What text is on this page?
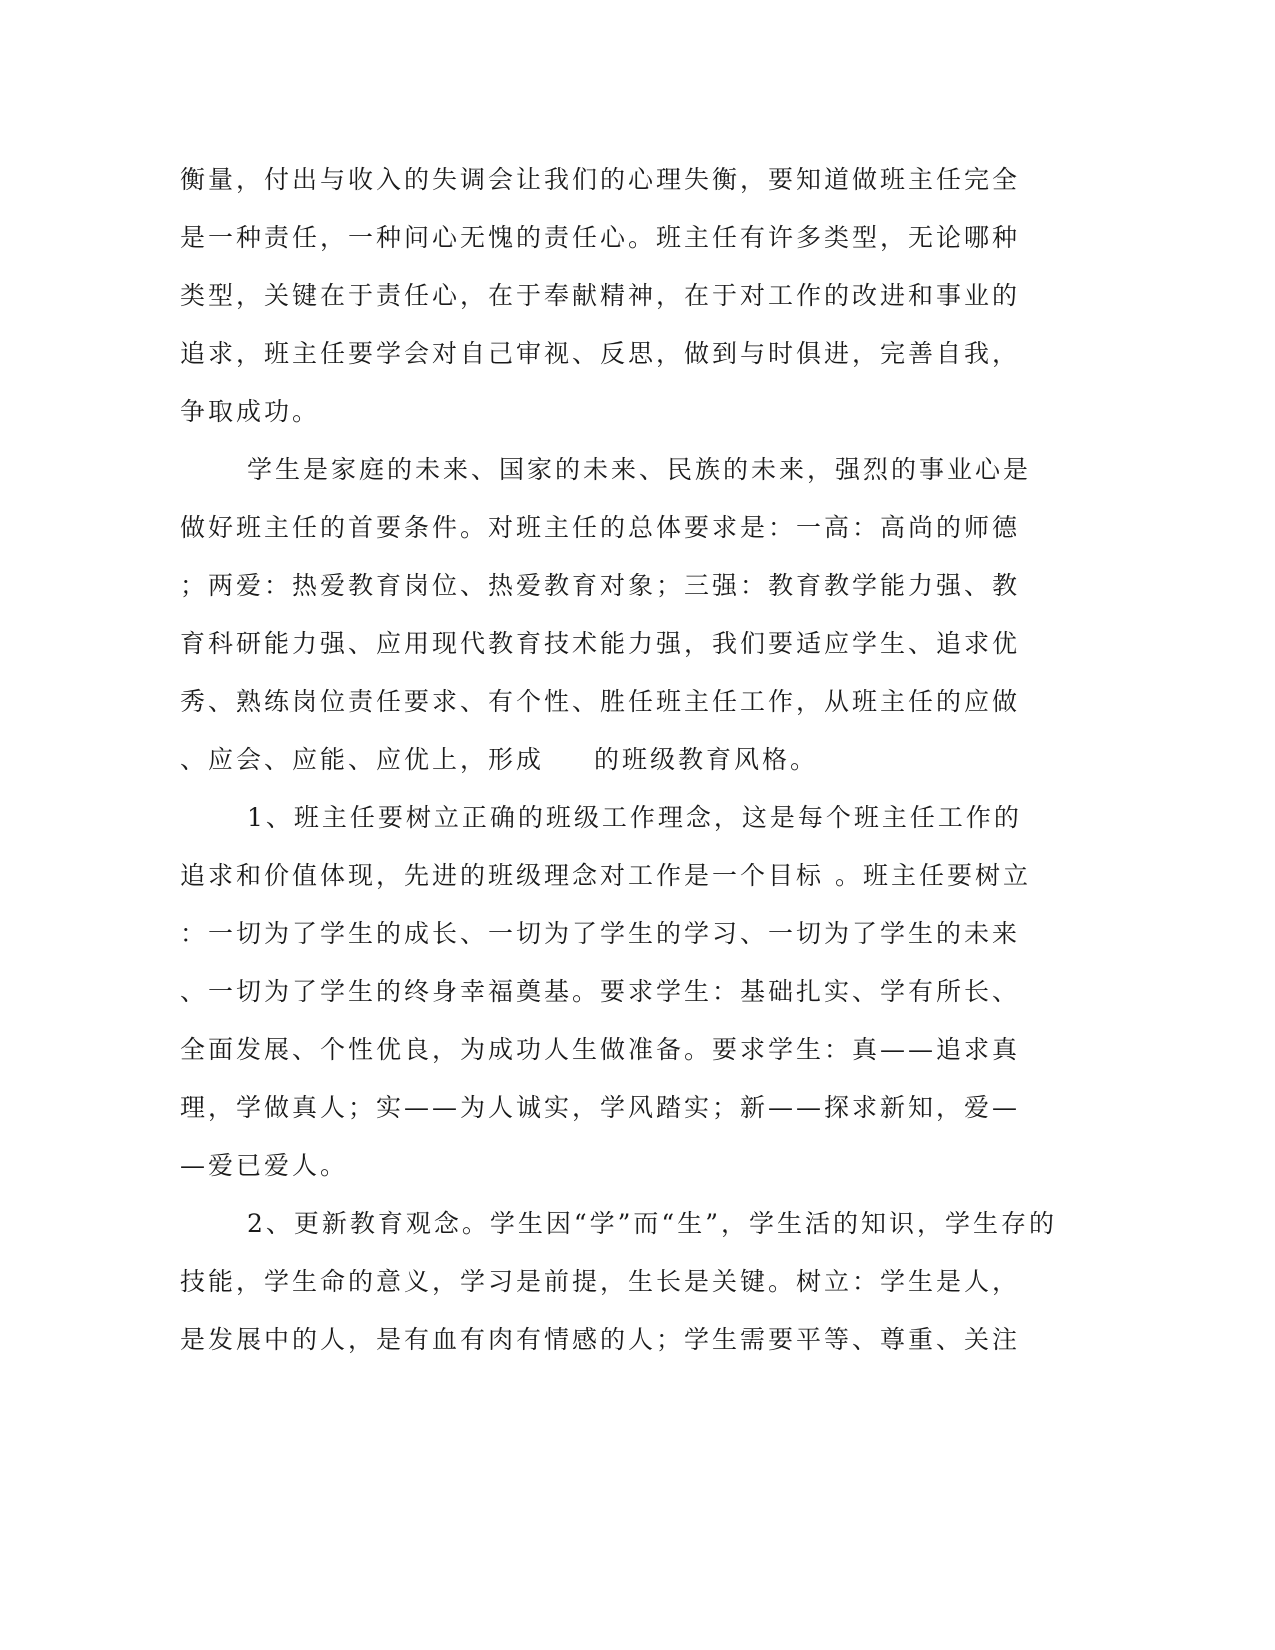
衡量，付出与收入的失调会让我们的心理失衡，要知道做班主任完全
是一种责任，一种问心无愧的责任心。班主任有许多类型，无论哪种
类型，关键在于责任心，在于奉献精神，在于对工作的改进和事业的
追求，班主任要学会对自己审视、反思，做到与时俱进，完善自我，
争取成功。
　　 学生是家庭的未来、国家的未来、民族的未来，强烈的事业心是
做好班主任的首要条件。对班主任的总体要求是：一高：高尚的师德
；两爱：热爱教育岗位、热爱教育对象；三强：教育教学能力强、教
育科研能力强、应用现代教育技术能力强，我们要适应学生、追求优
秀、熟练岗位责任要求、有个性、胜任班主任工作，从班主任的应做
、应会、应能、应优上，形成 的班级教育风格。
　　 1、班主任要树立正确的班级工作理念，这是每个班主任工作的
追求和价值体现，先进的班级理念对工作是一个目标 。班主任要树立
：一切为了学生的成长、一切为了学生的学习、一切为了学生的未来
、一切为了学生的终身幸福奠基。要求学生：基础扎实、学有所长、
全面发展、个性优良，为成功人生做准备。要求学生：真——追求真
理，学做真人；实——为人诚实，学风踏实；新——探求新知，爱—
—爱已爱人。
　　 2、更新教育观念。学生因“学”而“生”，学生活的知识，学生存的
技能，学生命的意义，学习是前提，生长是关键。树立：学生是人，
是发展中的人，是有血有肉有情感的人；学生需要平等、尊重、关注
